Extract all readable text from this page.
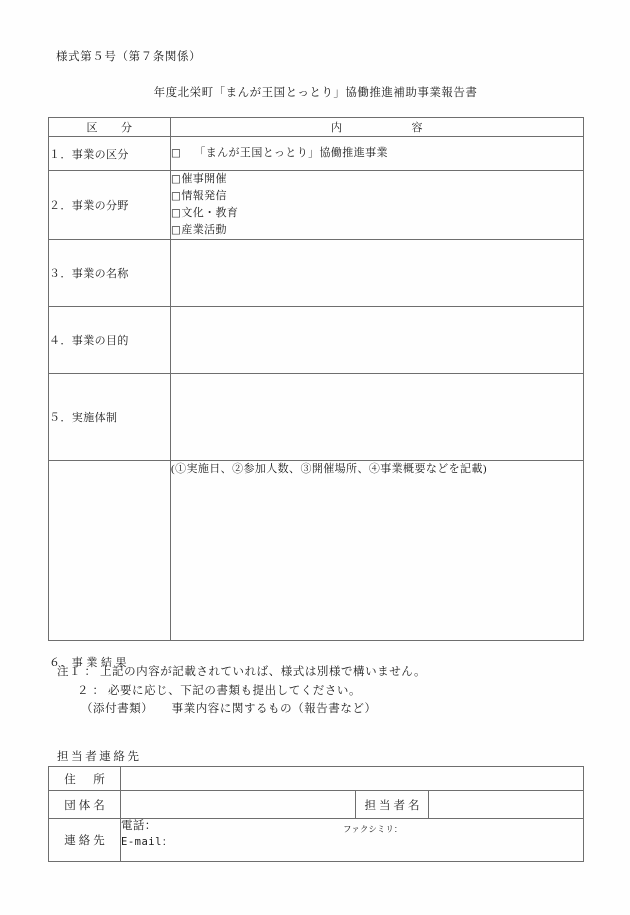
様式第５号（第７条関係）
年度北栄町「まんが王国とっとり」協働推進補助事業報告書
区　　分	内　　　　　　容
１．事業の区分	□ 「まんが王国とっとり」協働推進事業

２．事業の分野	□催事開催
□情報発信
□文化・教育
□産業活動

３．事業の名称	
４．事業の目的	
５．実施体制	
６．事 業 結 果	(①実施日、②参加人数、③開催場所、④事業概要などを記載)
注１ ： 上記の内容が記載されていれば、様式は別様で構いません。
２ ： 必要に応じ、下記の書類も提出してください。
（添付書類）　　事業内容に関するもの（報告書など）
担当者連絡先
住　所			
団体名		担当者名	
連絡先	電話： ファクシミリ：
E-mail：		
